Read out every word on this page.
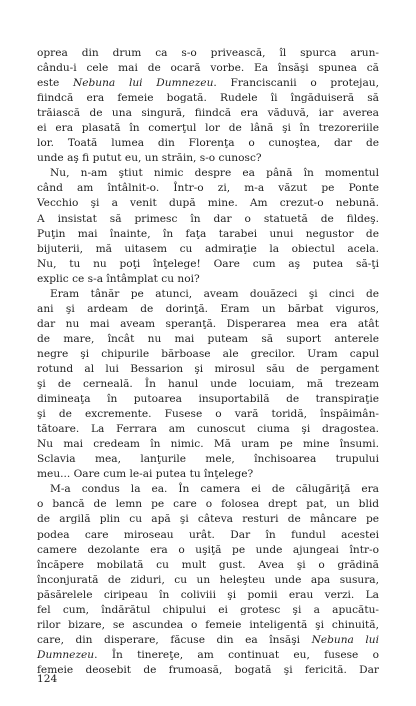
oprea din drum ca s-o privească, îl spurca arun-
cându-i cele mai de ocară vorbe. Ea însăşi spunea că
este Nebuna lui Dumnezeu. Franciscanii o protejau,
fiindcă era femeie bogată. Rudele îi îngăduiseră să
trăiască de una singură, fiindcă era văduvă, iar averea
ei era plasată în comerţul lor de lână şi în trezoreriile
lor. Toată lumea din Florenţa o cunoştea, dar de
unde aş fi putut eu, un străin, s-o cunosc?
Nu, n-am ştiut nimic despre ea până în momentul
când am întâlnit-o. Într-o zi, m-a văzut pe Ponte
Vecchio şi a venit după mine. Am crezut-o nebună.
A insistat să primesc în dar o statuetă de fildeş.
Puţin mai înainte, în faţa tarabei unui negustor de
bijuterii, mă uitasem cu admiraţie la obiectul acela.
Nu, tu nu poţi înţelege! Oare cum aş putea să-ţi
explic ce s-a întâmplat cu noi?
Eram tânăr pe atunci, aveam douăzeci şi cinci de
ani şi ardeam de dorinţă. Eram un bărbat viguros,
dar nu mai aveam speranţă. Disperarea mea era atât
de mare, încât nu mai puteam să suport anterele
negre şi chipurile bărboase ale grecilor. Uram capul
rotund al lui Bessarion şi mirosul său de pergament
şi de cerneală. În hanul unde locuiam, mă trezeam
dimineaţa în putoarea insuportabilă de transpiraţie
şi de excremente. Fusese o vară toridă, înspăimân-
tătoare. La Ferrara am cunoscut ciuma şi dragostea.
Nu mai credeam în nimic. Mă uram pe mine însumi.
Sclavia mea, lanţurile mele, închisoarea trupului
meu... Oare cum le-ai putea tu înţelege?
M-a condus la ea. În camera ei de călugăriţă era
o bancă de lemn pe care o folosea drept pat, un blid
de argilă plin cu apă şi câteva resturi de mâncare pe
podea care miroseau urât. Dar în fundul acestei
camere dezolante era o uşiţă pe unde ajungeai într-o
încăpere mobilată cu mult gust. Avea şi o grădină
înconjurată de ziduri, cu un heleşteu unde apa susura,
păsărelele ciripeau în coliviii şi pomii erau verzi. La
fel cum, îndărătul chipului ei grotesc şi a apucătu-
rilor bizare, se ascundea o femeie inteligentă şi chinuită,
care, din disperare, făcuse din ea însăşi Nebuna lui
Dumnezeu. În tinereţe, am continuat eu, fusese o
femeie deosebit de frumoasă, bogată şi fericită. Dar
124
